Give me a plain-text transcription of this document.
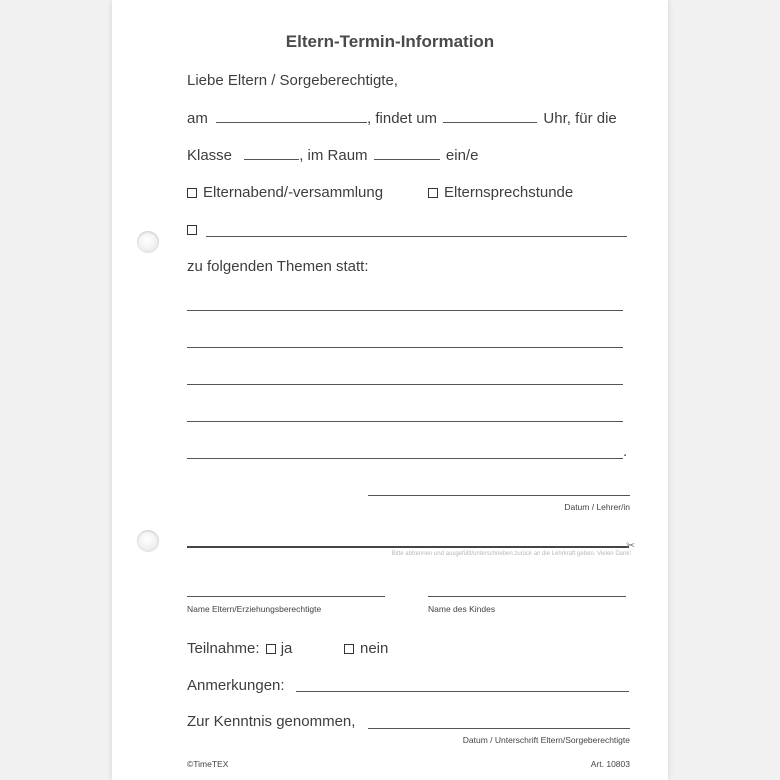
Eltern-Termin-Information
Liebe Eltern / Sorgeberechtigte,
am	, findet um	Uhr, für die
Klasse	, im Raum	ein/e
Elternabend/-versammlung	Elternsprechstunde
zu folgenden Themen statt:
.
Datum / Lehrer/in
Bitte abtrennen und ausgefüllt/unterschrieben zurück an die Lehrkraft geben. Vielen Dank!
✂
Name Eltern/Erziehungsberechtigte	Name des Kindes
Teilnahme: ja	nein
Anmerkungen:
Zur Kenntnis genommen,
Datum / Unterschrift Eltern/Sorgeberechtigte
©TimeTEX	Art. 10803
